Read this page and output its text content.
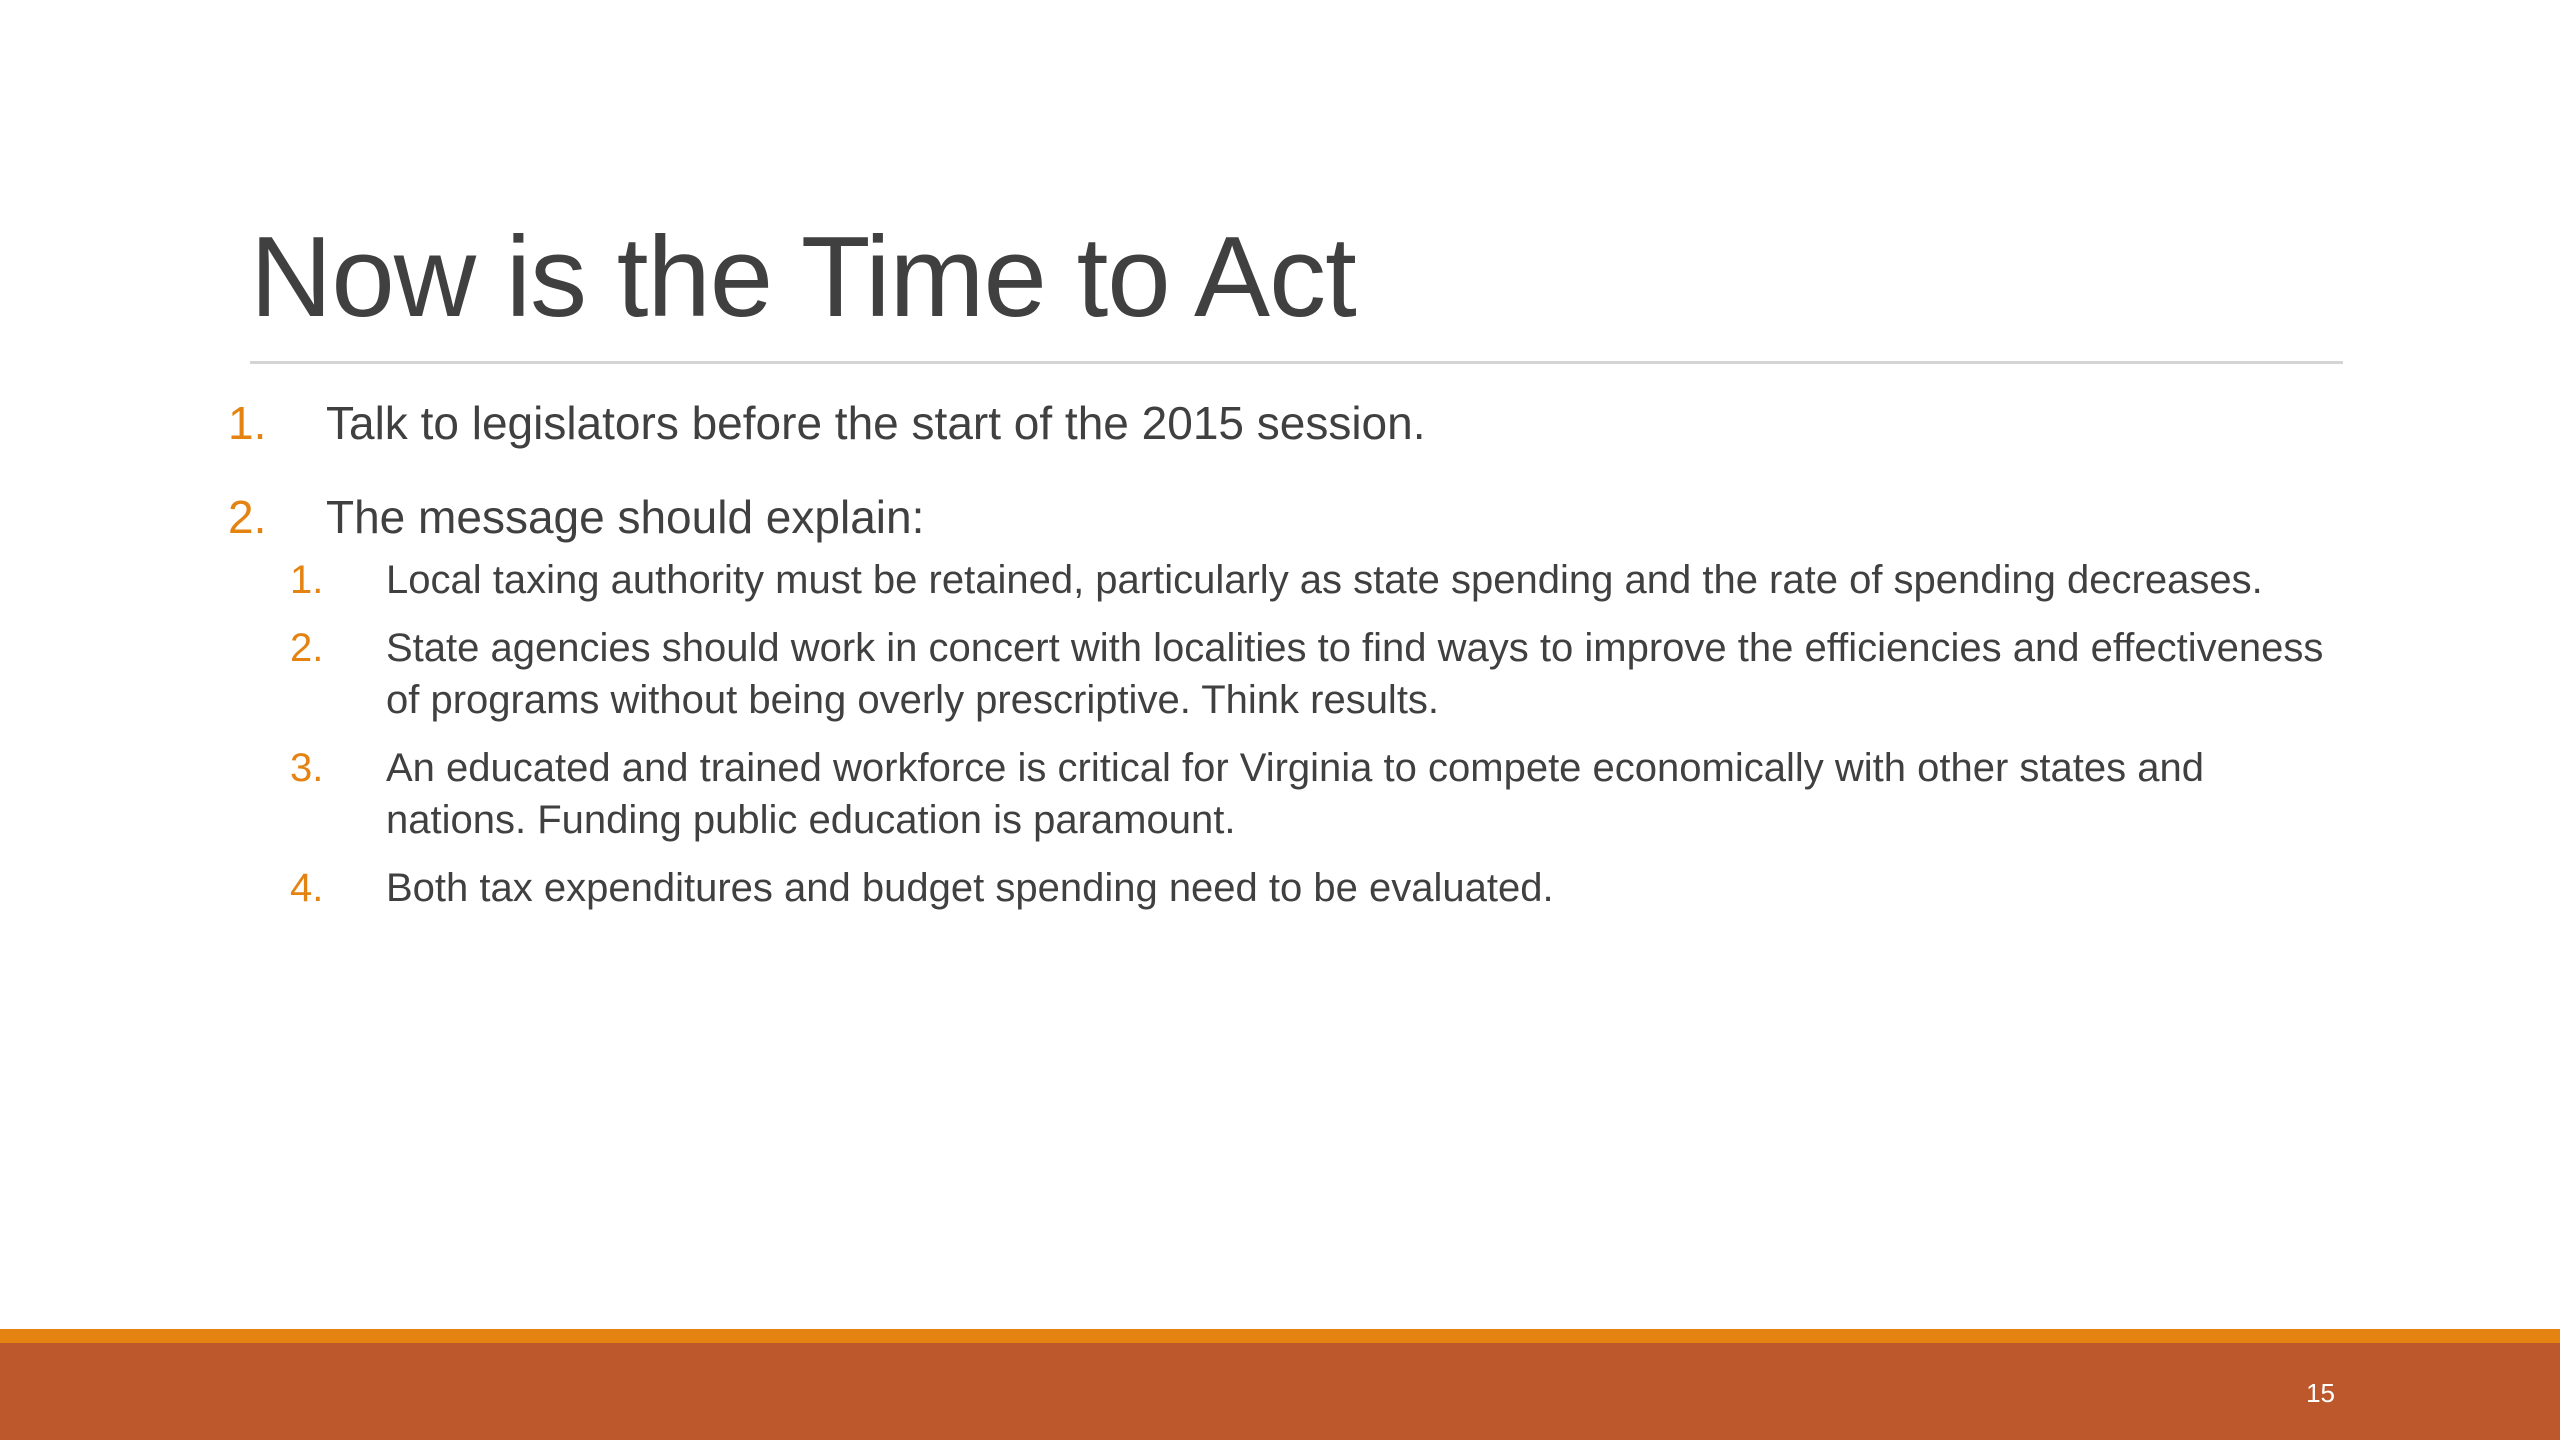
Now is the Time to Act
1. Talk to legislators before the start of the 2015 session.
2. The message should explain:
1. Local taxing authority must be retained, particularly as state spending and the rate of spending decreases.
2. State agencies should work in concert with localities to find ways to improve the efficiencies and effectiveness of programs without being overly prescriptive. Think results.
3. An educated and trained workforce is critical for Virginia to compete economically with other states and nations. Funding public education is paramount.
4. Both tax expenditures and budget spending need to be evaluated.
15
